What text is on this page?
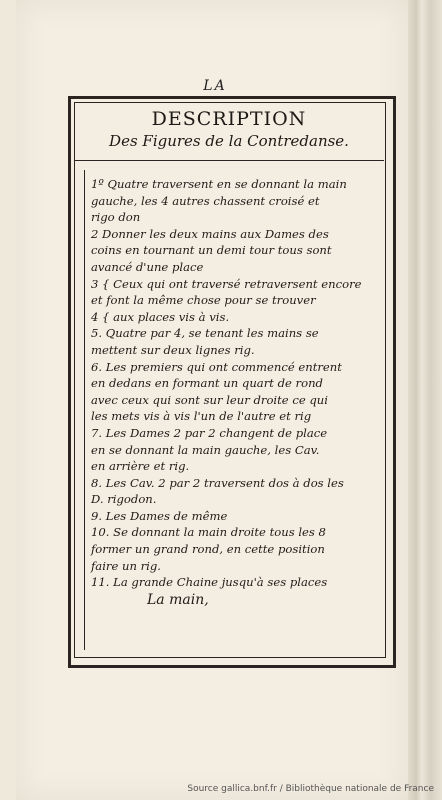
LA
DESCRIPTION
Des Figures de la Contredanse.
1º Quatre traversent en se donnant la main
gauche, les 4 autres chassent croisé et
rigo don
2 Donner les deux mains aux Dames des
coins en tournant un demi tour tous sont
avancé d'une place
3 { Ceux qui ont traversé retraversent encore
et font la même chose pour se trouver
4 { aux places vis à vis.
5. Quatre par 4, se tenant les mains se
mettent sur deux lignes rig.
6. Les premiers qui ont commencé entrent
en dedans en formant un quart de rond
avec ceux qui sont sur leur droite ce qui
les mets vis à vis l'un de l'autre et rig
7. Les Dames 2 par 2 changent de place
en se donnant la main gauche, les Cav.
en arrière et rig.
8. Les Cav. 2 par 2 traversent dos à dos les
D. rigodon.
9. Les Dames de même
10. Se donnant la main droite tous les 8
former un grand rond, en cette position
faire un rig.
11. La grande Chaine jusqu'à ses places
La main,
Source gallica.bnf.fr / Bibliothèque nationale de France
